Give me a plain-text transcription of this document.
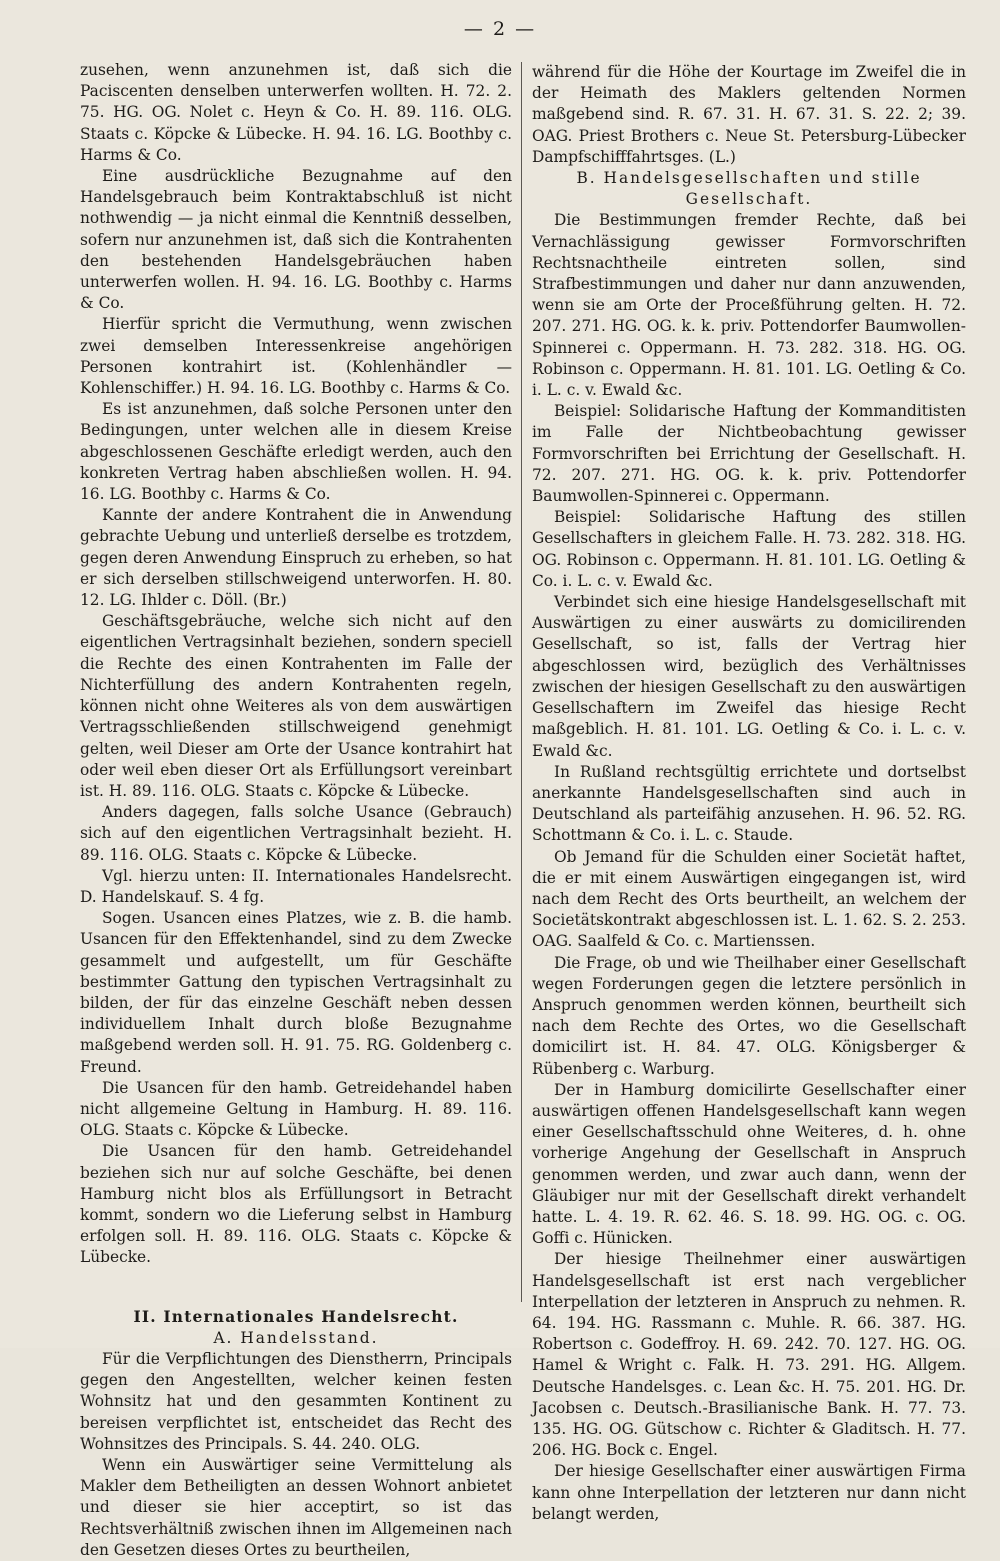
— 2 —

zusehen, wenn anzunehmen ist, daß sich die Paciscenten denselben unterwerfen wollten. H. 72. 2. 75. HG. OG. Nolet c. Heyn & Co. H. 89. 116. OLG. Staats c. Köpcke & Lübecke. H. 94. 16. LG. Boothby c. Harms & Co.

Eine ausdrückliche Bezugnahme auf den Handelsgebrauch beim Kontraktabschluß ist nicht nothwendig — ja nicht einmal die Kenntniß desselben, sofern nur anzunehmen ist, daß sich die Kontrahenten den bestehenden Handelsgebräuchen haben unterwerfen wollen. H. 94. 16. LG. Boothby c. Harms & Co.

Hierfür spricht die Vermuthung, wenn zwischen zwei demselben Interessenkreise angehörigen Personen kontrahirt ist. (Kohlenhändler — Kohlenschiffer.) H. 94. 16. LG. Boothby c. Harms & Co.

Es ist anzunehmen, daß solche Personen unter den Bedingungen, unter welchen alle in diesem Kreise abgeschlossenen Geschäfte erledigt werden, auch den konkreten Vertrag haben abschließen wollen. H. 94. 16. LG. Boothby c. Harms & Co.

Kannte der andere Kontrahent die in Anwendung gebrachte Uebung und unterließ derselbe es trotzdem, gegen deren Anwendung Einspruch zu erheben, so hat er sich derselben stillschweigend unterworfen. H. 80. 12. LG. Ihlder c. Döll. (Br.)

Geschäftsgebräuche, welche sich nicht auf den eigentlichen Vertragsinhalt beziehen, sondern speciell die Rechte des einen Kontrahenten im Falle der Nichterfüllung des andern Kontrahenten regeln, können nicht ohne Weiteres als von dem auswärtigen Vertragsschließenden stillschweigend genehmigt gelten, weil Dieser am Orte der Usance kontrahirt hat oder weil eben dieser Ort als Erfüllungsort vereinbart ist. H. 89. 116. OLG. Staats c. Köpcke & Lübecke.

Anders dagegen, falls solche Usance (Gebrauch) sich auf den eigentlichen Vertragsinhalt bezieht. H. 89. 116. OLG. Staats c. Köpcke & Lübecke.

Vgl. hierzu unten: II. Internationales Handelsrecht. D. Handelskauf. S. 4 fg.

Sogen. Usancen eines Platzes, wie z. B. die hamb. Usancen für den Effektenhandel, sind zu dem Zwecke gesammelt und aufgestellt, um für Geschäfte bestimmter Gattung den typischen Vertragsinhalt zu bilden, der für das einzelne Geschäft neben dessen individuellem Inhalt durch bloße Bezugnahme maßgebend werden soll. H. 91. 75. RG. Goldenberg c. Freund.

Die Usancen für den hamb. Getreidehandel haben nicht allgemeine Geltung in Hamburg. H. 89. 116. OLG. Staats c. Köpcke & Lübecke.

Die Usancen für den hamb. Getreidehandel beziehen sich nur auf solche Geschäfte, bei denen Hamburg nicht blos als Erfüllungsort in Betracht kommt, sondern wo die Lieferung selbst in Hamburg erfolgen soll. H. 89. 116. OLG. Staats c. Köpcke & Lübecke.

II. Internationales Handelsrecht.

A. Handelsstand.

Für die Verpflichtungen des Dienstherrn, Principals gegen den Angestellten, welcher keinen festen Wohnsitz hat und den gesammten Kontinent zu bereisen verpflichtet ist, entscheidet das Recht des Wohnsitzes des Principals. S. 44. 240. OLG.

Wenn ein Auswärtiger seine Vermittelung als Makler dem Betheiligten an dessen Wohnort anbietet und dieser sie hier acceptirt, so ist das Rechtsverhältniß zwischen ihnen im Allgemeinen nach den Gesetzen dieses Ortes zu beurtheilen,

während für die Höhe der Kourtage im Zweifel die in der Heimath des Maklers geltenden Normen maßgebend sind. R. 67. 31. H. 67. 31. S. 22. 2; 39. OAG. Priest Brothers c. Neue St. Petersburg-Lübecker Dampfschifffahrtsges. (L.)

B. Handelsgesellschaften und stille Gesellschaft.

Die Bestimmungen fremder Rechte, daß bei Vernachlässigung gewisser Formvorschriften Rechtsnachtheile eintreten sollen, sind Strafbestimmungen und daher nur dann anzuwenden, wenn sie am Orte der Proceßführung gelten. H. 72. 207. 271. HG. OG. k. k. priv. Pottendorfer Baumwollen-Spinnerei c. Oppermann. H. 73. 282. 318. HG. OG. Robinson c. Oppermann. H. 81. 101. LG. Oetling & Co. i. L. c. v. Ewald &c.

Beispiel: Solidarische Haftung der Kommanditisten im Falle der Nichtbeobachtung gewisser Formvorschriften bei Errichtung der Gesellschaft. H. 72. 207. 271. HG. OG. k. k. priv. Pottendorfer Baumwollen-Spinnerei c. Oppermann.

Beispiel: Solidarische Haftung des stillen Gesellschafters in gleichem Falle. H. 73. 282. 318. HG. OG. Robinson c. Oppermann. H. 81. 101. LG. Oetling & Co. i. L. c. v. Ewald &c.

Verbindet sich eine hiesige Handelsgesellschaft mit Auswärtigen zu einer auswärts zu domicilirenden Gesellschaft, so ist, falls der Vertrag hier abgeschlossen wird, bezüglich des Verhältnisses zwischen der hiesigen Gesellschaft zu den auswärtigen Gesellschaftern im Zweifel das hiesige Recht maßgeblich. H. 81. 101. LG. Oetling & Co. i. L. c. v. Ewald &c.

In Rußland rechtsgültig errichtete und dortselbst anerkannte Handelsgesellschaften sind auch in Deutschland als parteifähig anzusehen. H. 96. 52. RG. Schottmann & Co. i. L. c. Staude.

Ob Jemand für die Schulden einer Societät haftet, die er mit einem Auswärtigen eingegangen ist, wird nach dem Recht des Orts beurtheilt, an welchem der Societätskontrakt abgeschlossen ist. L. 1. 62. S. 2. 253. OAG. Saalfeld & Co. c. Martienssen.

Die Frage, ob und wie Theilhaber einer Gesellschaft wegen Forderungen gegen die letztere persönlich in Anspruch genommen werden können, beurtheilt sich nach dem Rechte des Ortes, wo die Gesellschaft domicilirt ist. H. 84. 47. OLG. Königsberger & Rübenberg c. Warburg.

Der in Hamburg domicilirte Gesellschafter einer auswärtigen offenen Handelsgesellschaft kann wegen einer Gesellschaftsschuld ohne Weiteres, d. h. ohne vorherige Angehung der Gesellschaft in Anspruch genommen werden, und zwar auch dann, wenn der Gläubiger nur mit der Gesellschaft direkt verhandelt hatte. L. 4. 19. R. 62. 46. S. 18. 99. HG. OG. c. OG. Goffi c. Hünicken.

Der hiesige Theilnehmer einer auswärtigen Handelsgesellschaft ist erst nach vergeblicher Interpellation der letzteren in Anspruch zu nehmen. R. 64. 194. HG. Rassmann c. Muhle. R. 66. 387. HG. Robertson c. Godeffroy. H. 69. 242. 70. 127. HG. OG. Hamel & Wright c. Falk. H. 73. 291. HG. Allgem. Deutsche Handelsges. c. Lean &c. H. 75. 201. HG. Dr. Jacobsen c. Deutsch.-Brasilianische Bank. H. 77. 73. 135. HG. OG. Gütschow c. Richter & Gladitsch. H. 77. 206. HG. Bock c. Engel.

Der hiesige Gesellschafter einer auswärtigen Firma kann ohne Interpellation der letzteren nur dann nicht belangt werden,
